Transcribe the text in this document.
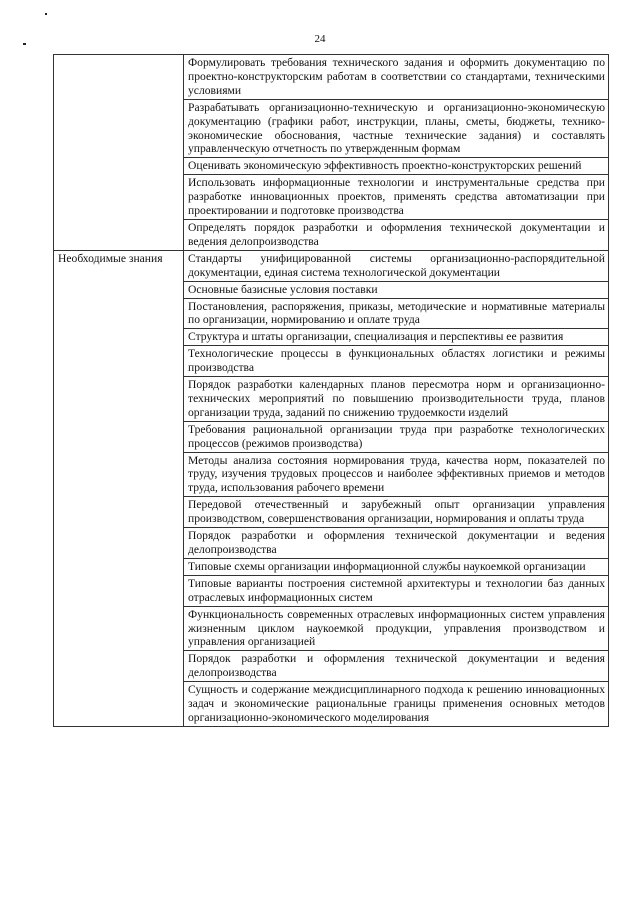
24
	Формулировать требования технического задания и оформить документацию по проектно-конструкторским работам в соответствии со стандартами, техническими условиями
	Разрабатывать организационно-техническую и организационно-экономическую документацию (графики работ, инструкции, планы, сметы, бюджеты, технико-экономические обоснования, частные технические задания) и составлять управленческую отчетность по утвержденным формам
	Оценивать экономическую эффективность проектно-конструкторских решений
	Использовать информационные технологии и инструментальные средства при разработке инновационных проектов, применять средства автоматизации при проектировании и подготовке производства
	Определять порядок разработки и оформления технической документации и ведения делопроизводства

Необходимые знания	Стандарты унифицированной системы организационно-распорядительной документации, единая система технологической документации
	Основные базисные условия поставки
	Постановления, распоряжения, приказы, методические и нормативные материалы по организации, нормированию и оплате труда
	Структура и штаты организации, специализация и перспективы ее развития
	Технологические процессы в функциональных областях логистики и режимы производства
	Порядок разработки календарных планов пересмотра норм и организационно-технических мероприятий по повышению производительности труда, планов организации труда, заданий по снижению трудоемкости изделий
	Требования рациональной организации труда при разработке технологических процессов (режимов производства)
	Методы анализа состояния нормирования труда, качества норм, показателей по труду, изучения трудовых процессов и наиболее эффективных приемов и методов труда, использования рабочего времени
	Передовой отечественный и зарубежный опыт организации управления производством, совершенствования организации, нормирования и оплаты труда
	Порядок разработки и оформления технической документации и ведения делопроизводства
	Типовые схемы организации информационной службы наукоемкой организации
	Типовые варианты построения системной архитектуры и технологии баз данных отраслевых информационных систем
	Функциональность современных отраслевых информационных систем управления жизненным циклом наукоемкой продукции, управления производством и управления организацией
	Порядок разработки и оформления технической документации и ведения делопроизводства
	Сущность и содержание междисциплинарного подхода к решению инновационных задач и экономические рациональные границы применения основных методов организационно-экономического моделирования
